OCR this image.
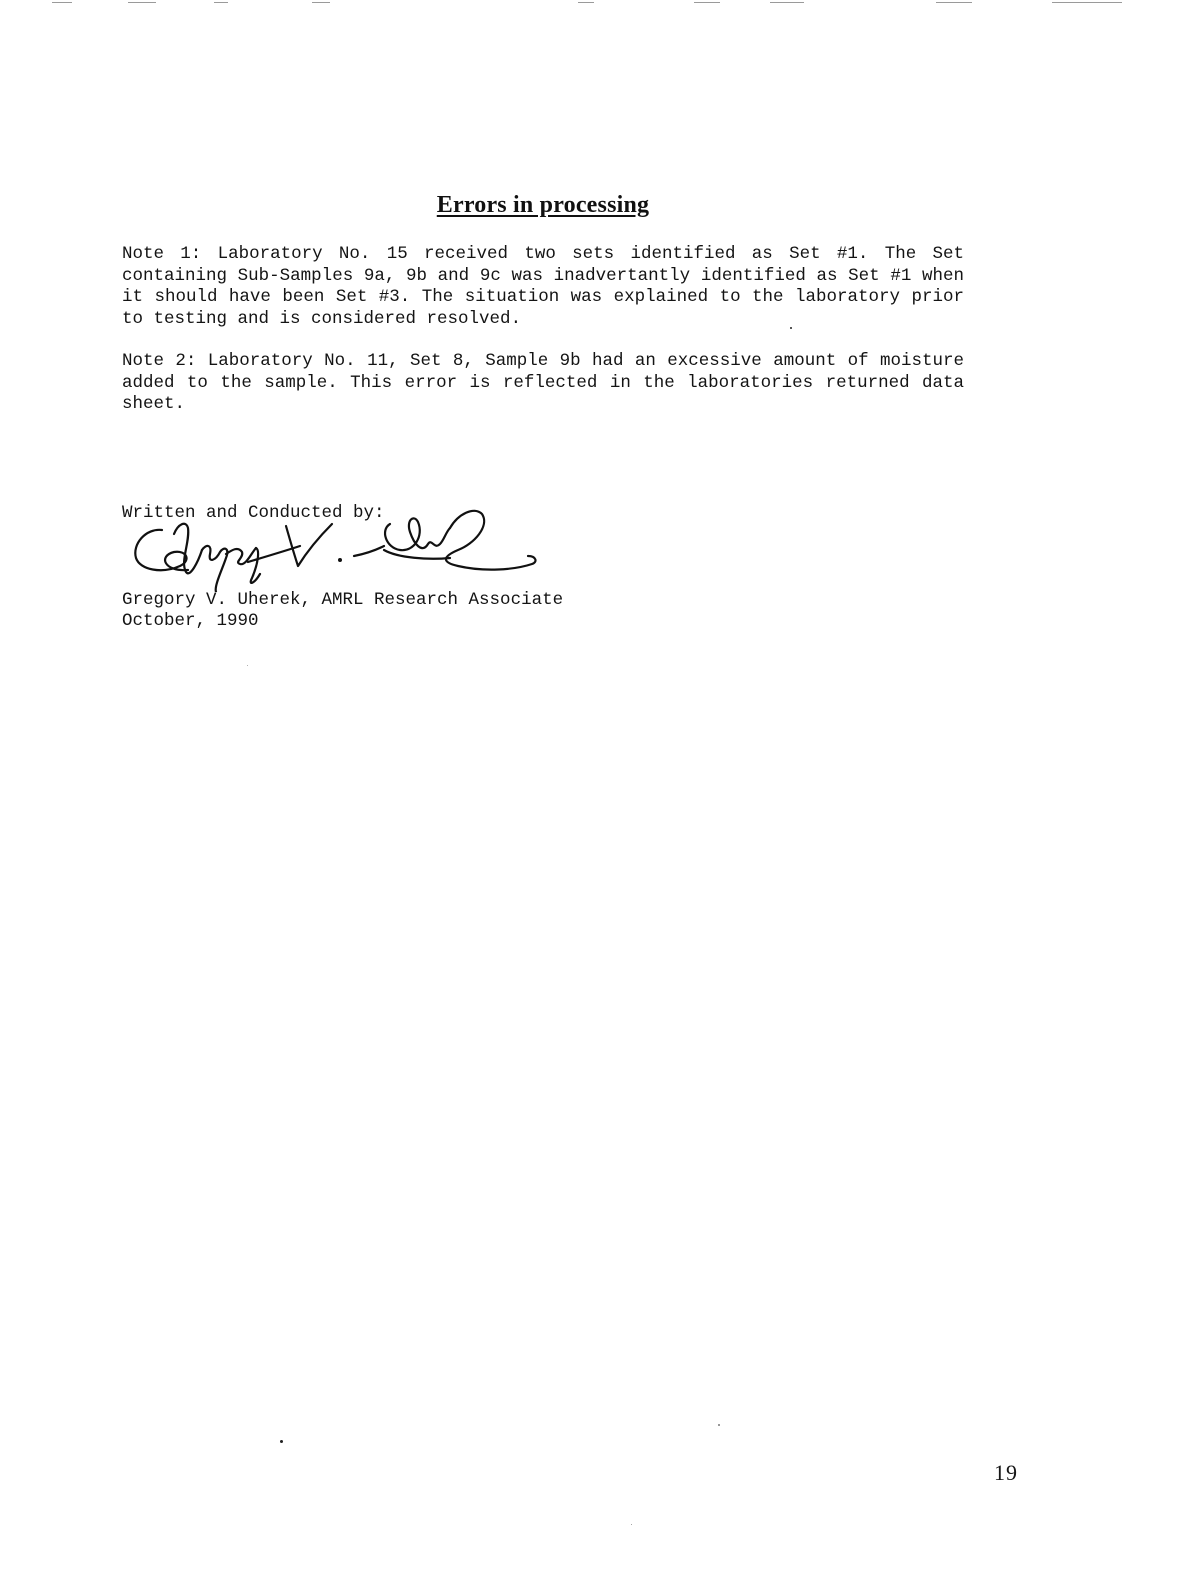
Errors in processing
Note 1: Laboratory No. 15 received two sets identified as Set #1. The Set containing Sub-Samples 9a, 9b and 9c was inadvertantly identified as Set #1 when it should have been Set #3. The situation was explained to the laboratory prior to testing and is considered resolved.
Note 2: Laboratory No. 11, Set 8, Sample 9b had an excessive amount of moisture added to the sample. This error is reflected in the laboratories returned data sheet.
Written and Conducted by:
Gregory V. Uherek, AMRL Research Associate
October, 1990
19
